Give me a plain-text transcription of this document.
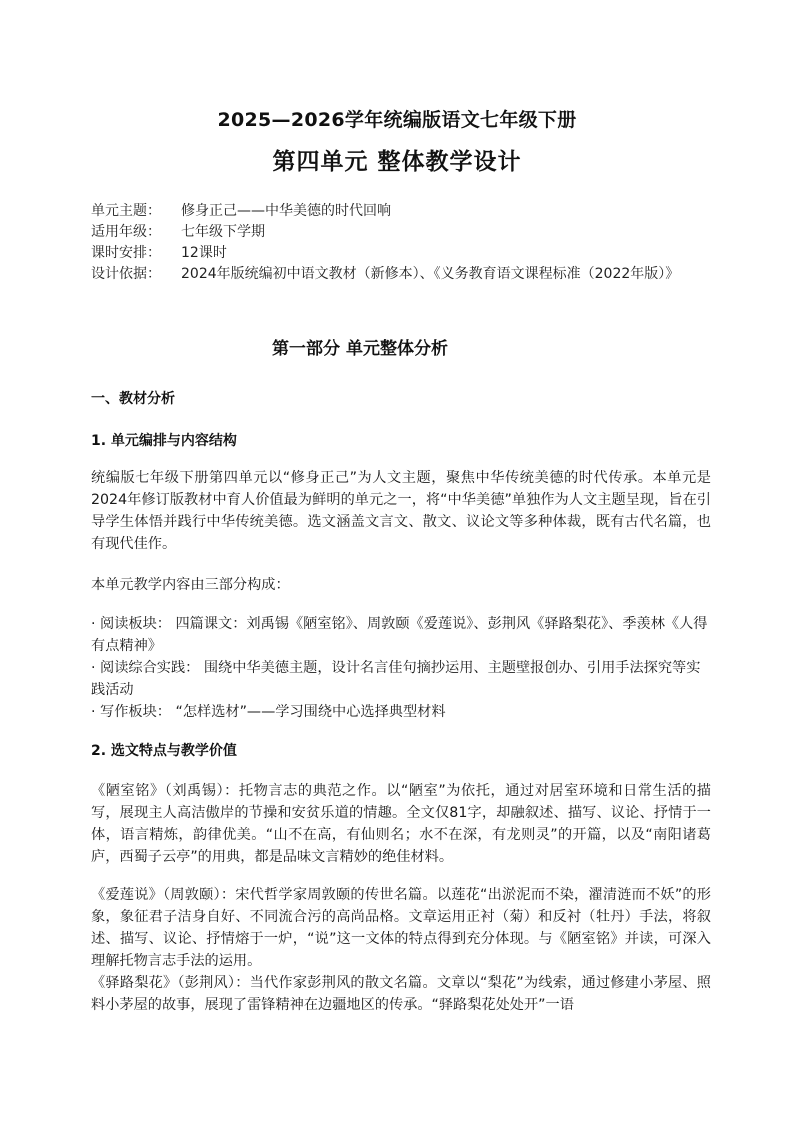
2025—2026学年统编版语文七年级下册
第四单元 整体教学设计
单元主题：	修身正己——中华美德的时代回响
适用年级：	七年级下学期
课时安排：	12课时
设计依据： 2024年版统编初中语文教材（新修本）、《义务教育语文课程标准（2022年版）》
第一部分 单元整体分析
一、教材分析
1. 单元编排与内容结构
统编版七年级下册第四单元以“修身正己”为人文主题，聚焦中华传统美德的时代传承。本单元是2024年修订版教材中育人价值最为鲜明的单元之一，将“中华美德”单独作为人文主题呈现，旨在引导学生体悟并践行中华传统美德。选文涵盖文言文、散文、议论文等多种体裁，既有古代名篇，也有现代佳作。
本单元教学内容由三部分构成：

· 阅读板块： 四篇课文：刘禹锡《陋室铭》、周敦颐《爱莲说》、彭荆风《驿路梨花》、季羡林《人得有点精神》

· 阅读综合实践： 围绕中华美德主题，设计名言佳句摘抄运用、主题壁报创办、引用手法探究等实践活动

· 写作板块： “怎样选材”——学习围绕中心选择典型材料

2. 选文特点与教学价值
《陋室铭》（刘禹锡）：托物言志的典范之作。以“陋室”为依托，通过对居室环境和日常生活的描写，展现主人高洁傲岸的节操和安贫乐道的情趣。全文仅81字，却融叙述、描写、议论、抒情于一体，语言精炼，韵律优美。“山不在高，有仙则名；水不在深，有龙则灵”的开篇，以及“南阳诸葛庐，西蜀子云亭”的用典，都是品味文言精妙的绝佳材料。
《爱莲说》（周敦颐）：宋代哲学家周敦颐的传世名篇。以莲花“出淤泥而不染，濯清涟而不妖”的形象，象征君子洁身自好、不同流合污的高尚品格。文章运用正衬（菊）和反衬（牡丹）手法，将叙述、描写、议论、抒情熔于一炉，“说”这一文体的特点得到充分体现。与《陋室铭》并读，可深入理解托物言志手法的运用。
《驿路梨花》（彭荆风）：当代作家彭荆风的散文名篇。文章以“梨花”为线索，通过修建小茅屋、照料小茅屋的故事，展现了雷锋精神在边疆地区的传承。“驿路梨花处处开”一语
